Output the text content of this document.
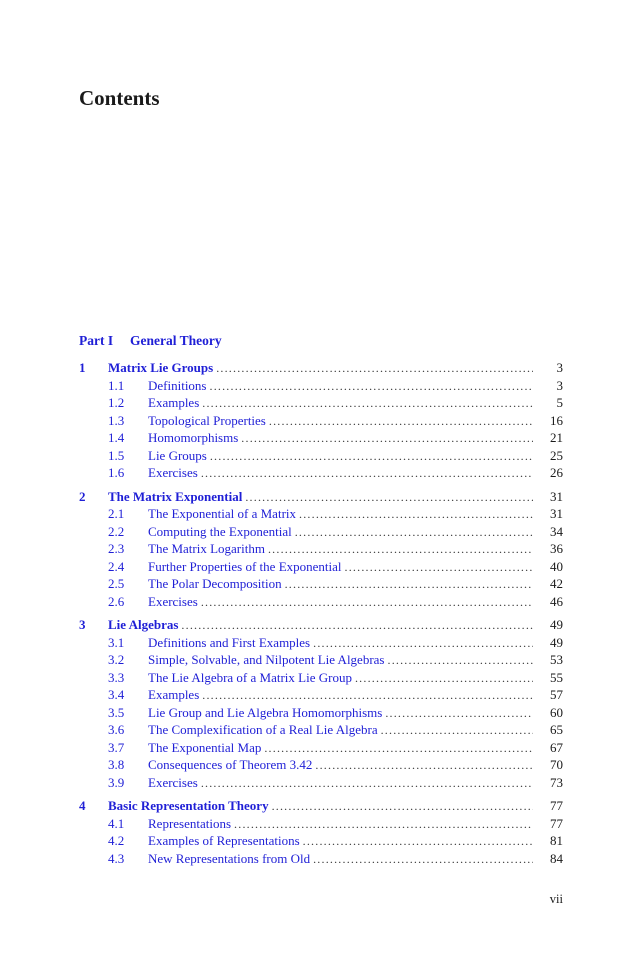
Contents
Part I General Theory
1	Matrix Lie Groups .....	3
1.1	Definitions .....	3
1.2	Examples .....	5
1.3	Topological Properties .....	16
1.4	Homomorphisms .....	21
1.5	Lie Groups .....	25
1.6	Exercises .....	26
2	The Matrix Exponential .....	31
2.1	The Exponential of a Matrix .....	31
2.2	Computing the Exponential .....	34
2.3	The Matrix Logarithm .....	36
2.4	Further Properties of the Exponential .....	40
2.5	The Polar Decomposition .....	42
2.6	Exercises .....	46
3	Lie Algebras .....	49
3.1	Definitions and First Examples .....	49
3.2	Simple, Solvable, and Nilpotent Lie Algebras .....	53
3.3	The Lie Algebra of a Matrix Lie Group .....	55
3.4	Examples .....	57
3.5	Lie Group and Lie Algebra Homomorphisms .....	60
3.6	The Complexification of a Real Lie Algebra .....	65
3.7	The Exponential Map .....	67
3.8	Consequences of Theorem 3.42 .....	70
3.9	Exercises .....	73
4	Basic Representation Theory .....	77
4.1	Representations .....	77
4.2	Examples of Representations .....	81
4.3	New Representations from Old .....	84
vii
